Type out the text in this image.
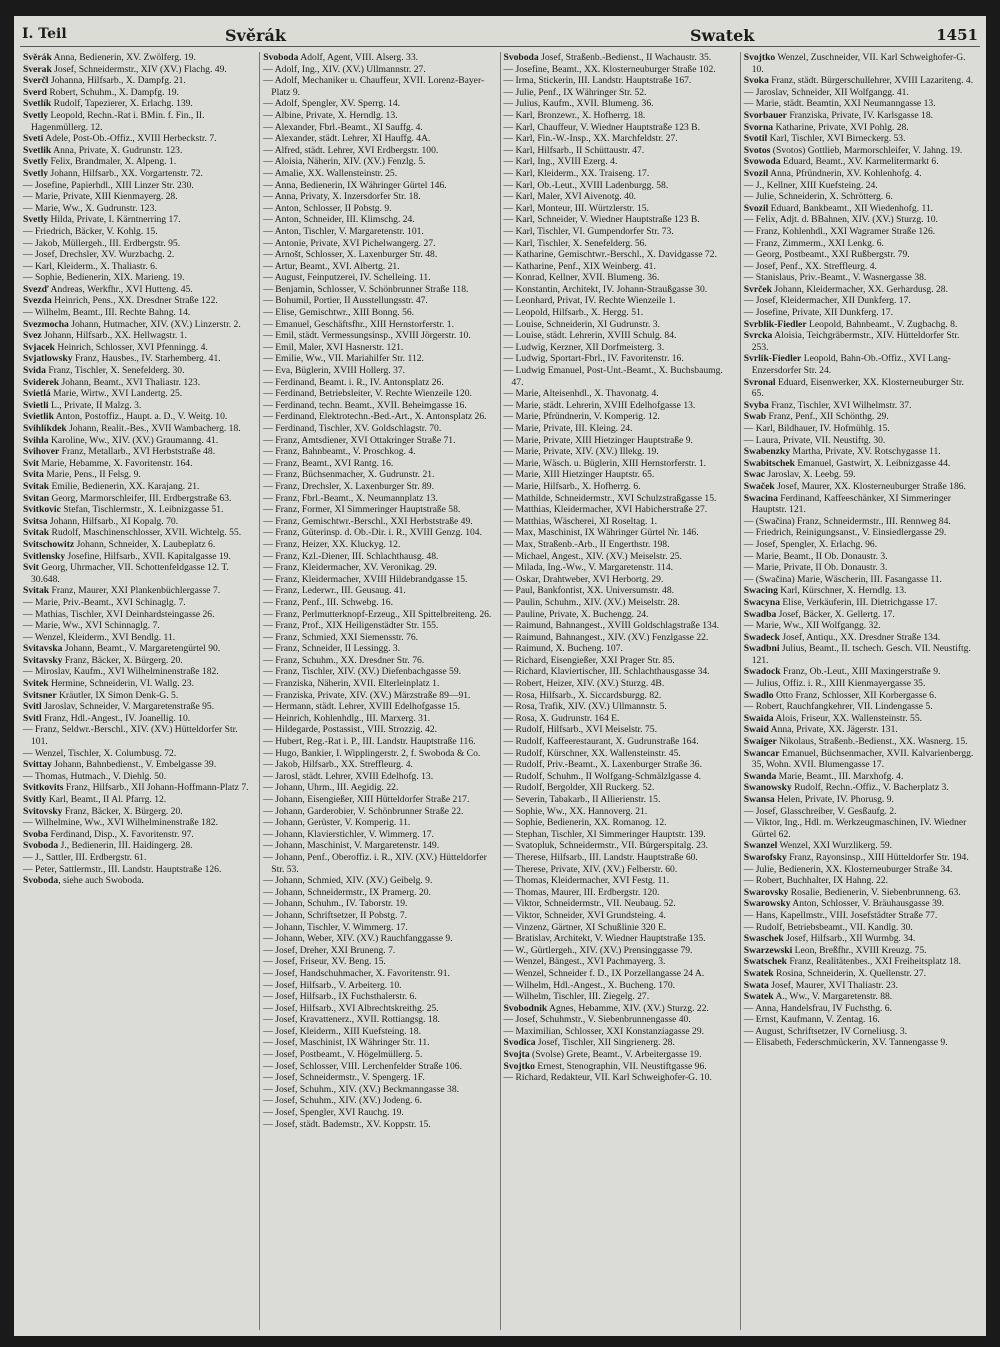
I. Teil	Svěrák	Swatek	1451

Svěrák Anna, Bedienerin, XV. Zwölferg. 19.

Sverak Josef, Schneidermstr., XIV (XV.) Flachg. 49.

Sverčl Johanna, Hilfsarb., X. Dampfg. 21.

Sverd Robert, Schuhm., X. Dampfg. 19.

Svetlík Rudolf, Tapezierer, X. Erlachg. 139.

Svetly Leopold, Rechn.-Rat i. BMin. f. Fin., II. Hagenmüllerg. 12.

Sveti Adele, Post-Ob.-Offiz., XVIII Herbeckstr. 7.

Svetlik Anna, Private, X. Gudrunstr. 123.

Svetly Felix, Brandmaler, X. Alpeng. 1.

Svetly Johann, Hilfsarb., XX. Vorgartenstr. 72.

— Josefine, Papierhdl., XIII Linzer Str. 230.

— Marie, Private, XIII Kienmayerg. 28.

— Marie, Ww., X. Gudrunstr. 123.

Svetly Hilda, Private, I. Kärntnerring 17.

— Friedrich, Bäcker, V. Kohlg. 15.

— Jakob, Müllergeh., III. Erdbergstr. 95.

— Josef, Drechsler, XV. Wurzbachg. 2.

— Karl, Kleiderm., X. Thaliastr. 6.

— Sophie, Bedienerin, XIX. Marieng. 19.

Svezď Andreas, Werkfhr., XVI Hutteng. 45.

Svezda Heinrich, Pens., XX. Dresdner Straße 122.

— Wilhelm, Beamt., III. Rechte Bahng. 14.

Svezmocha Johann, Hutmacher, XIV. (XV.) Linzerstr. 2.

Svez Johann, Hilfsarb., XX. Hellwagstr. 1.

Svjacek Heinrich, Schlosser, XVI Pfenningg. 4.

Svjatlowsky Franz, Hausbes., IV. Starhemberg. 41.

Svida Franz, Tischler, X. Senefelderg. 30.

Sviderek Johann, Beamt., XVI Thaliastr. 123.

Svietlá Marie, Wirtw., XVI Landertg. 25.

Svietli L., Private, II Malzg. 3.

Svietlik Anton, Postoffiz., Haupt. a. D., V. Weitg. 10.

Svihlikdek Johann, Realit.-Bes., XVII Wambacherg. 18.

Svihla Karoline, Ww., XIV. (XV.) Graumanng. 41.

Svihover Franz, Metallarb., XVI Herbststraße 48.

Svit Marie, Hebamme, X. Favoritenstr. 164.

Svita Marie, Pens., II Felsg. 9.

Svitak Emilie, Bedienerin, XX. Karajang. 21.

Svitan Georg, Marmorschleifer, III. Erdbergstraße 63.

Svitkovic Stefan, Tischlermstr., X. Leibnizgasse 51.

Svitsa Johann, Hilfsarb., XI Kopalg. 70.

Svitak Rudolf, Maschinenschlosser, XVII. Wichtelg. 55.

Svitschowitz Johann, Schneider, X. Laubeplatz 6.

Svitlensky Josefine, Hilfsarb., XVII. Kapitalgasse 19.

Svit Georg, Uhrmacher, VII. Schottenfeldgasse 12. T. 30.648.

Svitak Franz, Maurer, XXI Plankenbüchlergasse 7.

— Marie, Priv.-Beamt., XVI Schinaglg. 7.

— Mathias, Tischler, XVI Deinhardsteingasse 26.

— Marie, Ww., XVI Schinnaglg. 7.

— Wenzel, Kleiderm., XVI Bendlg. 11.

Svitavska Johann, Beamt., V. Margaretengürtel 90.

Svitavsky Franz, Bäcker, X. Bürgerg. 20.

— Miroslav, Kaufm., XVI Wilhelminenstraße 182.

Svitek Hermine, Schneiderin, VI. Wallg. 23.

Svitsner Kräutler, IX Simon Denk-G. 5.

Svitl Jaroslav, Schneider, V. Margaretenstraße 95.

Svitl Franz, Hdl.-Angest., IV. Joanellig. 10.

— Franz, Seldwr.-Berschl., XIV. (XV.) Hütteldorfer Str. 101.

— Wenzel, Tischler, X. Columbusg. 72.

Svittay Johann, Bahnbedienst., V. Embelgasse 39.

— Thomas, Hutmach., V. Diehlg. 50.

Svitkovits Franz, Hilfsarb., XII Johann-Hoffmann-Platz 7.

Svitly Karl, Beamt., II Al. Pfarrg. 12.

Svitovsky Franz, Bäcker, X. Bürgerg. 20.

— Wilhelmine, Ww., XVI Wilhelminenstraße 182.

Svoba Ferdinand, Disp., X. Favoritenstr. 97.

Svoboda J., Bedienerin, III. Haidingerg. 28.

— J., Sattler, III. Erdbergstr. 61.

— Peter, Sattlermstr., III. Landstr. Hauptstraße 126.

Svoboda, siehe auch Swoboda.

Svoboda Adolf, Agent, VIII. Alserg. 33.

— Adolf, Ing., XIV. (XV.) Ullmannstr. 27.

— Adolf, Mechaniker u. Chauffeur, XVII. Lorenz-Bayer-Platz 9.

— Adolf, Spengler, XV. Sperrg. 14.

— Albine, Private, X. Herndlg. 13.

— Alexander, Fbrl.-Beamt., XI Sauffg. 4.

— Alexander, städt. Lehrer, XI Hauffg. 4A.

— Alfred, städt. Lehrer, XVI Erdbergstr. 100.

— Aloisia, Näherin, XIV. (XV.) Fenzlg. 5.

— Amalie, XX. Wallensteinstr. 25.

— Anna, Bedienerin, IX Währinger Gürtel 146.

— Anna, Privaty, X. Inzersdorfer Str. 18.

— Anton, Schlosser, II Pobstg. 9.

— Anton, Schneider, III. Klimschg. 24.

— Anton, Tischler, V. Margaretenstr. 101.

— Antonie, Private, XVI Pichelwangerg. 27.

— Arnošt, Schlosser, X. Laxenburger Str. 48.

— Artur, Beamt., XVI. Albertg. 21.

— August, Feinputzerei, IV. Schelleing. 11.

— Benjamin, Schlosser, V. Schönbrunner Straße 118.

— Bohumil, Portier, II Ausstellungsstr. 47.

— Elise, Gemischtwr., XIII Bonng. 56.

— Emanuel, Geschäftsfhr., XIII Hernstorferstr. 1.

— Emil, städt. Vermessungsinsp., XVIII Jörgerstr. 10.

— Emil, Maler, XVI Hasnerstr. 121.

— Emilie, Ww., VII. Mariahilfer Str. 112.

— Eva, Büglerin, XVIII Hollerg. 37.

— Ferdinand, Beamt. i. R., IV. Antonsplatz 26.

— Ferdinand, Betriebsleiter, V. Rechte Wienzeile 120.

— Ferdinand, techn. Beamt., XVII. Beheimgasse 16.

— Ferdinand, Elektrotechn.-Bed.-Art., X. Antonsplatz 26.

— Ferdinand, Tischler, XV. Goldschlagstr. 70.

— Franz, Amtsdiener, XVI Ottakringer Straße 71.

— Franz, Bahnbeamt., V. Proschkog. 4.

— Franz, Beamt., XVI Rantg. 16.

— Franz, Büchsenmacher, X. Gudrunstr. 21.

— Franz, Drechsler, X. Laxenburger Str. 89.

— Franz, Fbrl.-Beamt., X. Neumannplatz 13.

— Franz, Former, XI Simmeringer Hauptstraße 58.

— Franz, Gemischtwr.-Berschl., XXI Herbststraße 49.

— Franz, Güterinsp. d. Ob.-Dir. i. R., XVIII Genzg. 104.

— Franz, Heizer, XX. Kluckyg. 12.

— Franz, Kzl.-Diener, III. Schlachthausg. 48.

— Franz, Kleidermacher, XV. Veronikag. 29.

— Franz, Kleidermacher, XVIII Hildebrandgasse 15.

— Franz, Lederwr., III. Geusaug. 41.

— Franz, Penf., III. Schwebg. 16.

— Franz, Perlmutterknopf-Erzeug., XII Spittelbreiteng. 26.

— Franz, Prof., XIX Heiligenstädter Str. 155.

— Franz, Schmied, XXI Siemensstr. 76.

— Franz, Schneider, II Lessingg. 3.

— Franz, Schuhm., XX. Dresdner Str. 76.

— Franz, Tischler, XIV. (XV.) Diefenbachgasse 59.

— Franziska, Näherin, XVII. Elterleinplatz 1.

— Franziska, Private, XIV. (XV.) Märzstraße 89—91.

— Hermann, städt. Lehrer, XVIII Edelhofgasse 15.

— Heinrich, Kohlenhdlg., III. Marxerg. 31.

— Hildegarde, Postassist., VIII. Strozzig. 42.

— Hubert, Reg.-Rat i. P., III. Landstr. Hauptstraße 116.

— Hugo, Bankier, I. Wipplingerstr. 2, f. Swoboda & Co.

— Jakob, Hilfsarb., XX. Streffleurg. 4.

— Jarosl, städt. Lehrer, XVIII Edelhofg. 13.

— Johann, Uhrm., III. Aegidig. 22.

— Johann, Eisengießer, XIII Hütteldorfer Straße 217.

— Johann, Garderobier, V. Schönbrunner Straße 22.

— Johann, Gerüster, V. Komperig. 11.

— Johann, Klavierstichler, V. Wimmerg. 17.

— Johann, Maschinist, V. Margaretenstr. 149.

— Johann, Penf., Oberoffiz. i. R., XIV. (XV.) Hütteldorfer Str. 53.

— Johann, Schmied, XIV. (XV.) Geibelg. 9.

— Johann, Schneidermstr., IX Pramerg. 20.

— Johann, Schuhm., IV. Taborstr. 19.

— Johann, Schriftsetzer, II Pobstg. 7.

— Johann, Tischler, V. Wimmerg. 17.

— Johann, Weber, XIV. (XV.) Rauchfanggasse 9.

— Josef, Dreher, XXI Bruneng. 7.

— Josef, Friseur, XV. Beng. 15.

— Josef, Handschuhmacher, X. Favoritenstr. 91.

— Josef, Hilfsarb., V. Arbeiterg. 10.

— Josef, Hilfsarb., IX Fuchsthalerstr. 6.

— Josef, Hilfsarb., XVI Albrechtskreithg. 25.

— Josef, Kravattenerz., XVII. Rottiangsg. 18.

— Josef, Kleiderm., XIII Kuefsteing. 18.

— Josef, Maschinist, IX Währinger Str. 11.

— Josef, Postbeamt., V. Högelmüllerg. 5.

— Josef, Schlosser, VIII. Lerchenfelder Straße 106.

— Josef, Schneidermstr., V. Spengerg. 1F.

— Josef, Schuhm., XIV. (XV.) Beckmanngasse 38.

— Josef, Schuhm., XIV. (XV.) Jodeng. 6.

— Josef, Spengler, XVI Rauchg. 19.

— Josef, städt. Bademstr., XV. Koppstr. 15.

Svoboda Josef, Straßenb.-Bedienst., II Wachaustr. 35.

— Josefine, Beamt., XX. Klosterneuburger Straße 102.

— Irma, Stickerin, III. Landstr. Hauptstraße 167.

— Julie, Penf., IX Währinger Str. 52.

— Julius, Kaufm., XVII. Blumeng. 36.

— Karl, Bronzewr., X. Hofherrg. 18.

— Karl, Chauffeur, V. Wiedner Hauptstraße 123 B.

— Karl, Fin.-W.-Insp., XX. Marchfeldstr. 27.

— Karl, Hilfsarb., II Schüttaustr. 47.

— Karl, Ing., XVIII Ezerg. 4.

— Karl, Kleiderm., XX. Traiseng. 17.

— Karl, Ob.-Leut., XVIII Ladenburgg. 58.

— Karl, Maler, XVI Aivenotg. 40.

— Karl, Monteur, III. Würtzlerstr. 15.

— Karl, Schneider, V. Wiedner Hauptstraße 123 B.

— Karl, Tischler, VI. Gumpendorfer Str. 73.

— Karl, Tischler, X. Senefelderg. 56.

— Katharine, Gemischtwr.-Berschl., X. Davidgasse 72.

— Katharine, Penf., XIX Weinberg. 41.

— Konrad, Kellner, XVII. Blumeng. 36.

— Konstantin, Architekt, IV. Johann-Straußgasse 30.

— Leonhard, Privat, IV. Rechte Wienzeile 1.

— Leopold, Hilfsarb., X. Hergg. 51.

— Louise, Schneiderin, XI Gudrunstr. 3.

— Louise, städt. Lehrerin, XVIII Schulg. 84.

— Ludwig, Kerzner, XII Dorfmeisterg. 3.

— Ludwig, Sportart-Fbrl., IV. Favoritenstr. 16.

— Ludwig Emanuel, Post-Unt.-Beamt., X. Buchsbaumg. 47.

— Marie, Alteisenhdl., X. Thavonatg. 4.

— Marie, städt. Lehrerin, XVIII Edelhofgasse 13.

— Marie, Pfründnerin, V. Komperig. 12.

— Marie, Private, III. Kleing. 24.

— Marie, Private, XIII Hietzinger Hauptstraße 9.

— Marie, Private, XIV. (XV.) Illekg. 19.

— Marie, Wäsch. u. Büglerin, XIII Hernstorferstr. 1.

— Marie, XIII Hietzinger Hauptstr. 65.

— Marie, Hilfsarb., X. Hofherrg. 6.

— Mathilde, Schneidermstr., XVI Schulzstraßgasse 15.

— Matthias, Kleidermacher, XVI Habicherstraße 27.

— Matthias, Wäscherei, XI Roseltag. 1.

— Max, Maschinist, IX Währinger Gürtel Nr. 146.

— Max, Straßenb.-Arb., II Engerthstr. 198.

— Michael, Angest., XIV. (XV.) Meiselstr. 25.

— Milada, Ing.-Ww., V. Margaretenstr. 114.

— Oskar, Drahtweber, XVI Herbortg. 29.

— Paul, Bankfontist, XX. Universumstr. 48.

— Paulin, Schuhm., XIV. (XV.) Meiselstr. 28.

— Pauline, Private, X. Buchengg. 24.

— Raimund, Bahnangest., XVIII Goldschlagstraße 134.

— Raimund, Bahnangest., XIV. (XV.) Fenzlgasse 22.

— Raimund, X. Bucheng. 107.

— Richard, Eisengießer, XXI Prager Str. 85.

— Richard, Klaviertischer, III. Schlachthausgasse 34.

— Robert, Heizer, XIV. (XV.) Sturzg. 4B.

— Rosa, Hilfsarb., X. Siccardsburgg. 82.

— Rosa, Trafik, XIV. (XV.) Ullmannstr. 5.

— Rosa, X. Gudrunstr. 164 E.

— Rudolf, Hilfsarb., XVI Meiselstr. 75.

— Rudolf, Kaffeerestaurant, X. Gudrunstraße 164.

— Rudolf, Kürschner, XX. Wallensteinstr. 45.

— Rudolf, Priv.-Beamt., X. Laxenburger Straße 36.

— Rudolf, Schuhm., II Wolfgang-Schmälzlgasse 4.

— Rudolf, Bergolder, XII Ruckerg. 52.

— Severin, Tabakarb., II Allierienstr. 15.

— Sophie, Ww., XX. Hannoverg. 21.

— Sophie, Bedienerin, XX. Romanog. 12.

— Stephan, Tischler, XI Simmeringer Hauptstr. 139.

— Svatopluk, Schneidermstr., VII. Bürgerspitalg. 23.

— Therese, Hilfsarb., III. Landstr. Hauptstraße 60.

— Therese, Private, XIV. (XV.) Felberstr. 60.

— Thomas, Kleidermacher, XVI Festg. 11.

— Thomas, Maurer, III. Erdbergstr. 120.

— Viktor, Schneidermstr., VII. Neubaug. 52.

— Viktor, Schneider, XVI Grundsteing. 4.

— Vinzenz, Gärtner, XI Schußlinie 320 E.

— Bratislav, Architekt, V. Wiedner Hauptstraße 135.

— W., Gürtlergeh., XIV. (XV.) Prensinggasse 79.

— Wenzel, Bängest., XVI Pachmayerg. 3.

— Wenzel, Schneider f. D., IX Porzellangasse 24 A.

— Wilhelm, Hdl.-Angest., X. Bucheng. 170.

— Wilhelm, Tischler, III. Ziegelg. 27.

Svobodnik Agnes, Hebamme, XIV. (XV.) Sturzg. 22.

— Josef, Schuhmstr., V. Siebenbrunnengasse 40.

— Maximilian, Schlosser, XXI Konstanziagasse 29.

Svodica Josef, Tischler, XII Singrienerg. 28.

Svojta (Svolse) Grete, Beamt., V. Arbeitergasse 19.

Svojtko Ernest, Stenographin, VII. Neustiftgasse 96.

— Richard, Redakteur, VII. Karl Schweighofer-G. 10.

Svojtko Wenzel, Zuschneider, VII. Karl Schweighofer-G. 10.

Svoka Franz, städt. Bürgerschullehrer, XVIII Lazariteng. 4.

— Jaroslav, Schneider, XII Wolfgangg. 41.

— Marie, städt. Beamtin, XXI Neumanngasse 13.

Svorbauer Franziska, Private, IV. Karlsgasse 18.

Svorna Katharine, Private, XVI Pohlg. 28.

Svotil Karl, Tischler, XVI Birneckerg. 53.

Svotos (Svotos) Gottlieb, Marmorschleifer, V. Jahng. 19.

Svowoda Eduard, Beamt., XV. Karmelitermarkt 6.

Svozil Anna, Pfründnerin, XV. Kohlenhofg. 4.

— J., Kellner, XIII Kuefsteing. 24.

— Julie, Schneiderin, X. Schrötterg. 6.

Svozil Eduard, Bankbeamt., XII Wiedenhofg. 11.

— Felix, Adjt. d. BBahnen, XIV. (XV.) Sturzg. 10.

— Franz, Kohlenhdl., XXI Wagramer Straße 126.

— Franz, Zimmerm., XXI Lenkg. 6.

— Georg, Postbeamt., XXI Rußbergstr. 79.

— Josef, Penf., XX. Streffleurg. 4.

— Stanislaus, Priv.-Beamt., V. Wasnergasse 38.

Svrček Johann, Kleidermacher, XX. Gerhardusg. 28.

— Josef, Kleidermacher, XII Dunkferg. 17.

— Josefine, Private, XII Dunkferg. 17.

Svrblik-Fiedler Leopold, Bahnbeamt., V. Zugbachg. 8.

Svrcka Aloisia, Teichgräbermstr., XIV. Hütteldorfer Str. 253.

Svrlik-Fiedler Leopold, Bahn-Ob.-Offiz., XVI Lang-Enzersdorfer Str. 24.

Svronal Eduard, Eisenwerker, XX. Klosterneuburger Str. 65.

Svyba Franz, Tischler, XVI Wilhelmstr. 37.

Swab Franz, Penf., XII Schönthg. 29.

— Karl, Bildhauer, IV. Hofmühlg. 15.

— Laura, Private, VII. Neustiftg. 30.

Swabenzky Martha, Private, XV. Rotschygasse 11.

Swabitschek Emanuel, Gastwirt, X. Leibnizgasse 44.

Swac Jaroslav, X. Leebg. 59.

Swaček Josef, Maurer, XX. Klosterneuburger Straße 186.

Swacina Ferdinand, Kaffeeschänker, XI Simmeringer Hauptstr. 121.

— (Swačina) Franz, Schneidermstr., III. Rennweg 84.

— Friedrich, Reinigungsanst., V. Einsiedlergasse 29.

— Josef, Spengler, X. Erlachg. 96.

— Marie, Beamt., II Ob. Donaustr. 3.

— Marie, Private, II Ob. Donaustr. 3.

— (Swačina) Marie, Wäscherin, III. Fasangasse 11.

Swacing Karl, Kürschner, X. Herndlg. 13.

Swacyna Elise, Verkäuferin, III. Dietrichgasse 17.

Swadba Josef, Bäcker, X. Gellertg. 17.

— Marie, Ww., XII Wolfgangg. 32.

Swadeck Josef, Antiqu., XX. Dresdner Straße 134.

Swadbni Julius, Beamt., II. tschech. Gesch. VII. Neustiftg. 121.

Swadock Franz, Ob.-Leut., XIII Maxingerstraße 9.

— Julius, Offiz. i. R., XIII Kienmayergasse 35.

Swadlo Otto Franz, Schlosser, XII Korbergasse 6.

— Robert, Rauchfangkehrer, VII. Lindengasse 5.

Swaida Alois, Friseur, XX. Wallensteinstr. 55.

Swaid Anna, Private, XX. Jägerstr. 131.

Swaiger Nikolaus, Straßenb.-Bedienst., XX. Wasnerg. 15.

Swancar Emanuel, Büchsenmacher, XVII. Kalvarienbergg. 35, Wohn. XVII. Blumengasse 17.

Swanda Marie, Beamt., III. Marxhofg. 4.

Swanowsky Rudolf, Rechn.-Offiz., V. Bacherplatz 3.

Swansa Helen, Private, IV. Phorusg. 9.

— Josef, Glasschreiber, V. Gesßaufg. 2.

— Viktor, Ing., Hdl. m. Werkzeugmaschinen, IV. Wiedner Gürtel 62.

Swanzel Wenzel, XXI Wurzlikerg. 59.

Swarofsky Franz, Rayonsinsp., XIII Hütteldorfer Str. 194.

— Julie, Bedienerin, XX. Klosterneuburger Straße 34.

— Robert, Buchhalter, IX Hahng. 22.

Swarovsky Rosalie, Bedienerin, V. Siebenbrunneng. 63.

Swarowsky Anton, Schlosser, V. Bräuhausgasse 39.

— Hans, Kapellmstr., VIII. Josefstädter Straße 77.

— Rudolf, Betriebsbeamt., VII. Kandlg. 30.

Swaschek Josef, Hilfsarb., XII Wurmbg. 34.

Swarzewski Leon, Breßfhr., XVIII Kreuzg. 75.

Swatschek Franz, Realitätenbes., XXI Freiheitsplatz 18.

Swatek Rosina, Schneiderin, X. Quellenstr. 27.

Swata Josef, Maurer, XVI Thaliastr. 23.

Swatek A., Ww., V. Margaretenstr. 88.

— Anna, Handelsfrau, IV Fuchsthg. 6.

— Ernst, Kaufmann, V. Zentag. 16.

— August, Schriftsetzer, IV Corneliusg. 3.

— Elisabeth, Federschmückerin, XV. Tannengasse 9.
